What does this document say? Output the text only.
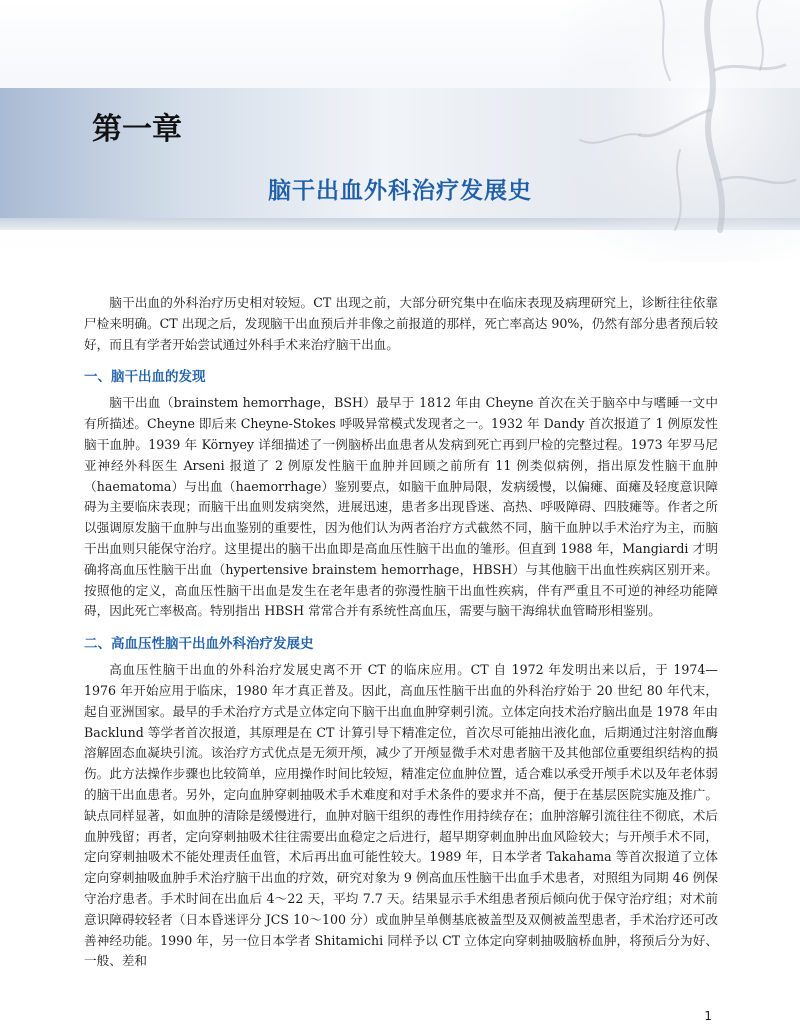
第一章
脑干出血外科治疗发展史

脑干出血的外科治疗历史相对较短。CT 出现之前，大部分研究集中在临床表现及病理研究上，诊断往往依靠尸检来明确。CT 出现之后，发现脑干出血预后并非像之前报道的那样，死亡率高达 90%，仍然有部分患者预后较好，而且有学者开始尝试通过外科手术来治疗脑干出血。

一、脑干出血的发现

脑干出血（brainstem hemorrhage，BSH）最早于 1812 年由 Cheyne 首次在关于脑卒中与嗜睡一文中有所描述。Cheyne 即后来 Cheyne-Stokes 呼吸异常模式发现者之一。1932 年 Dandy 首次报道了 1 例原发性脑干血肿。1939 年 Környey 详细描述了一例脑桥出血患者从发病到死亡再到尸检的完整过程。1973 年罗马尼亚神经外科医生 Arseni 报道了 2 例原发性脑干血肿并回顾之前所有 11 例类似病例，指出原发性脑干血肿（haematoma）与出血（haemorrhage）鉴别要点，如脑干血肿局限，发病缓慢，以偏瘫、面瘫及轻度意识障碍为主要临床表现；而脑干出血则发病突然，进展迅速，患者多出现昏迷、高热、呼吸障碍、四肢瘫等。作者之所以强调原发脑干血肿与出血鉴别的重要性，因为他们认为两者治疗方式截然不同，脑干血肿以手术治疗为主，而脑干出血则只能保守治疗。这里提出的脑干出血即是高血压性脑干出血的雏形。但直到 1988 年，Mangiardi 才明确将高血压性脑干出血（hypertensive brainstem hemorrhage，HBSH）与其他脑干出血性疾病区别开来。按照他的定义，高血压性脑干出血是发生在老年患者的弥漫性脑干出血性疾病，伴有严重且不可逆的神经功能障碍，因此死亡率极高。特别指出 HBSH 常常合并有系统性高血压，需要与脑干海绵状血管畸形相鉴别。

二、高血压性脑干出血外科治疗发展史

高血压性脑干出血的外科治疗发展史离不开 CT 的临床应用。CT 自 1972 年发明出来以后，于 1974—1976 年开始应用于临床，1980 年才真正普及。因此，高血压性脑干出血的外科治疗始于 20 世纪 80 年代末，起自亚洲国家。最早的手术治疗方式是立体定向下脑干出血血肿穿刺引流。立体定向技术治疗脑出血是 1978 年由 Backlund 等学者首次报道，其原理是在 CT 计算引导下精准定位，首次尽可能抽出液化血，后期通过注射溶血酶溶解固态血凝块引流。该治疗方式优点是无须开颅，减少了开颅显微手术对患者脑干及其他部位重要组织结构的损伤。此方法操作步骤也比较简单，应用操作时间比较短，精准定位血肿位置，适合难以承受开颅手术以及年老体弱的脑干出血患者。另外，定向血肿穿刺抽吸术手术难度和对手术条件的要求并不高，便于在基层医院实施及推广。缺点同样显著，如血肿的清除是缓慢进行，血肿对脑干组织的毒性作用持续存在；血肿溶解引流往往不彻底，术后血肿残留；再者，定向穿刺抽吸术往往需要出血稳定之后进行，超早期穿刺血肿出血风险较大；与开颅手术不同，定向穿刺抽吸术不能处理责任血管，术后再出血可能性较大。1989 年，日本学者 Takahama 等首次报道了立体定向穿刺抽吸血肿手术治疗脑干出血的疗效，研究对象为 9 例高血压性脑干出血手术患者，对照组为同期 46 例保守治疗患者。手术时间在出血后 4～22 天，平均 7.7 天。结果显示手术组患者预后倾向优于保守治疗组；对术前意识障碍较轻者（日本昏迷评分 JCS 10～100 分）或血肿呈单侧基底被盖型及双侧被盖型患者，手术治疗还可改善神经功能。1990 年，另一位日本学者 Shitamichi 同样予以 CT 立体定向穿刺抽吸脑桥血肿，将预后分为好、一般、差和

1
